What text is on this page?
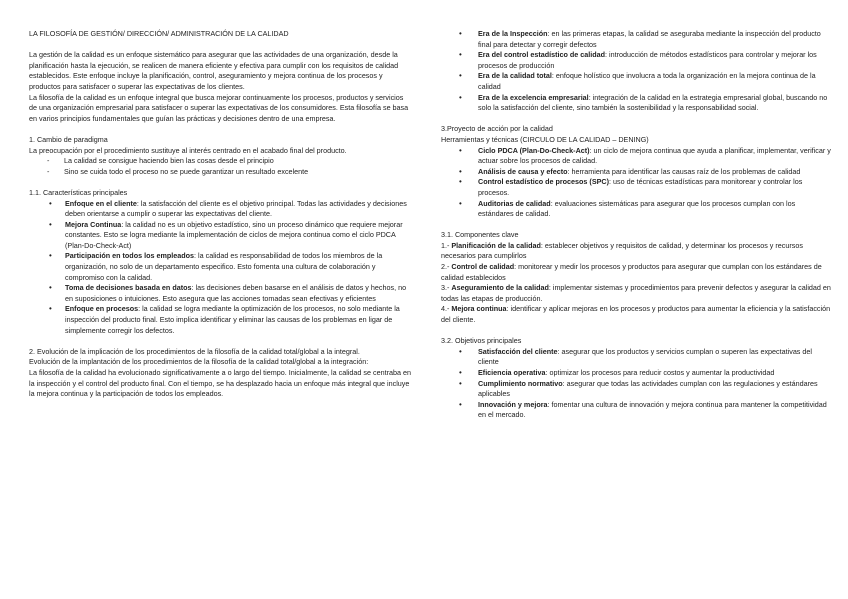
LA FILOSOFÍA DE GESTIÓN/ DIRECCIÓN/ ADMINISTRACIÓN DE LA CALIDAD

La gestión de la calidad es un enfoque sistemático para asegurar que las actividades de una organización, desde la planificación hasta la ejecución, se realicen de manera eficiente y efectiva para cumplir con los requisitos de calidad establecidos. Este enfoque incluye la planificación, control, aseguramiento y mejora continua de los procesos y productos para satisfacer o superar las expectativas de los clientes.

La filosofía de la calidad es un enfoque integral que busca mejorar continuamente los procesos, productos y servicios de una organización empresarial para satisfacer o superar las expectativas de los consumidores. Esta filosofía se basa en varios principios fundamentales que guían las prácticas y decisiones dentro de una empresa.

1. Cambio de paradigma

La preocupación por el procedimiento sustituye al interés centrado en el acabado final del producto.

- La calidad se consigue haciendo bien las cosas desde el principio
- Sino se cuida todo el proceso no se puede garantizar un resultado excelente

1.1. Características principales

• Enfoque en el cliente: la satisfacción del cliente es el objetivo principal. Todas las actividades y decisiones deben orientarse a cumplir o superar las expectativas del cliente.
• Mejora Continua: la calidad no es un objetivo estadístico, sino un proceso dinámico que requiere mejorar constantes. Esto se logra mediante la implementación de ciclos de mejora continua como el ciclo PDCA (Plan-Do-Check-Act)
• Participación en todos los empleados: la calidad es responsabilidad de todos los miembros de la organización, no solo de un departamento especifico. Esto fomenta una cultura de colaboración y compromiso con la calidad.
• Toma de decisiones basada en datos: las decisiones deben basarse en el análisis de datos y hechos, no en suposiciones o intuiciones. Esto asegura que las acciones tomadas sean efectivas y eficientes
• Enfoque en procesos: la calidad se logra mediante la optimización de los procesos, no solo mediante la inspección del producto final. Esto implica identificar y eliminar las causas de los problemas en ligar de simplemente corregir los defectos.

2. Evolución de la implicación de los procedimientos de la filosofía de la calidad total/global a la integral.

Evolución de la implantación de los procedimientos de la filosofía de la calidad total/global a la integración:

La filosofía de la calidad ha evolucionado significativamente a o largo del tiempo. Inicialmente, la calidad se centraba en la inspección y el control del producto final. Con el tiempo, se ha desplazado hacia un enfoque más integral que incluye la mejora continua y la participación de todos los empleados.

• Era de la Inspección: en las primeras etapas, la calidad se aseguraba mediante la inspección del producto final para detectar y corregir defectos
• Era del control estadístico de calidad: introducción de métodos estadísticos para controlar y mejorar los procesos de producción
• Era de la calidad total: enfoque holístico que involucra a toda la organización en la mejora continua de la calidad
• Era de la excelencia empresarial: integración de la calidad en la estrategia empresarial global, buscando no solo la satisfacción del cliente, sino también la sostenibilidad y la responsabilidad social.

3.Proyecto de acción por la calidad

Herramientas y técnicas (CIRCULO DE LA CALIDAD – DENING)

• Ciclo PDCA (Plan-Do-Check-Act): un ciclo de mejora continua que ayuda a planificar, implementar, verificar y actuar sobre los procesos de calidad.
• Análisis de causa y efecto: herramienta para identificar las causas raíz de los problemas de calidad
• Control estadístico de procesos (SPC): uso de técnicas estadísticas para monitorear y controlar los procesos.
• Auditorias de calidad: evaluaciones sistemáticas para asegurar que los procesos cumplan con los estándares de calidad.

3.1. Componentes clave

1.- Planificación de la calidad: establecer objetivos y requisitos de calidad, y determinar los procesos y recursos necesarios para cumplirlos

2.- Control de calidad: monitorear y medir los procesos y productos para asegurar que cumplan con los estándares de calidad establecidos

3.- Aseguramiento de la calidad: implementar sistemas y procedimientos para prevenir defectos y asegurar la calidad en todas las etapas de producción.

4.- Mejora continua: identificar y aplicar mejoras en los procesos y productos para aumentar la eficiencia y la satisfacción del cliente.

3.2. Objetivos principales

• Satisfacción del cliente: asegurar que los productos y servicios cumplan o superen las expectativas del cliente
• Eficiencia operativa: optimizar los procesos para reducir costos y aumentar la productividad
• Cumplimiento normativo: asegurar que todas las actividades cumplan con las regulaciones y estándares aplicables
• Innovación y mejora: fomentar una cultura de innovación y mejora continua para mantener la competitividad en el mercado.
